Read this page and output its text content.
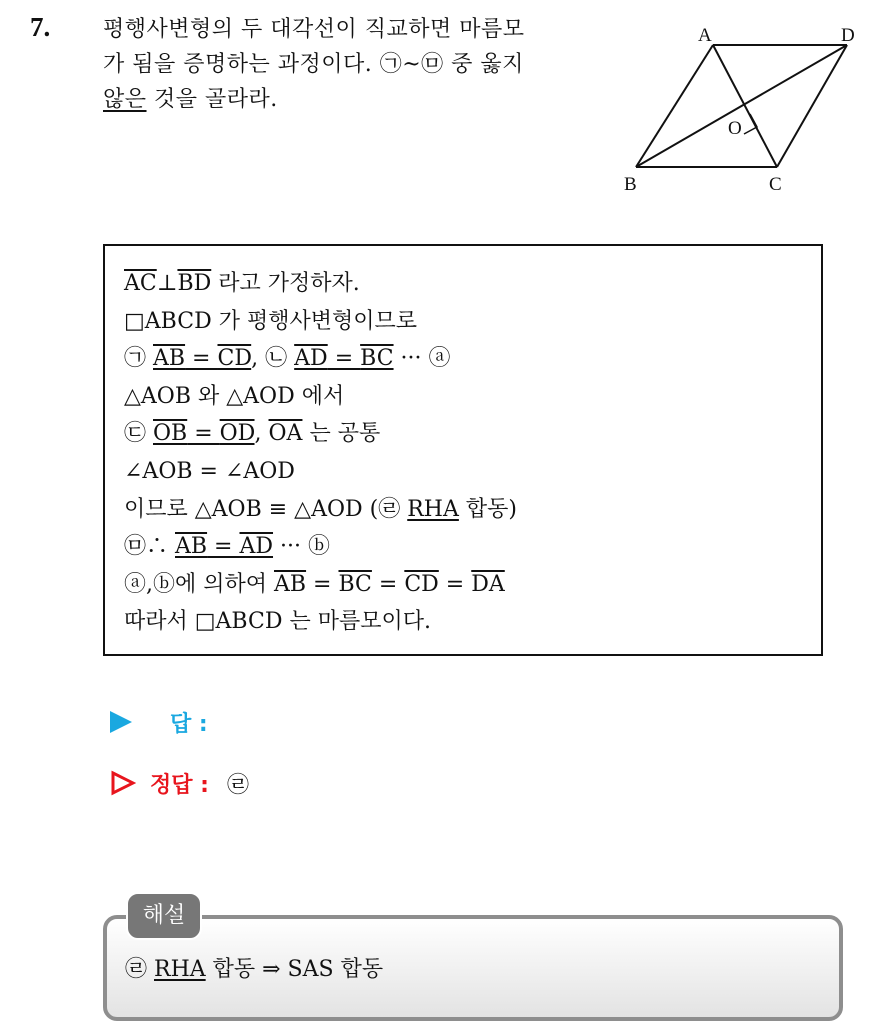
7. 평행사변형의 두 대각선이 직교하면 마름모
가 됨을 증명하는 과정이다. ㉠~㉤ 중 옳지
않은 것을 골라라.
A	D
B	C
O
$\overline{AC}\perp\overline{BD}$ 라고 가정하자.
□ABCD 가 평행사변형이므로
㉠ AB = CD, ㉡ AD = BC ··· ⓐ
△AOB 와 △AOD 에서
㉢ OB = OD, $\overline{OA}$ 는 공통
∠AOB = ∠AOD
이므로 △AOB ≡ △AOD (㉣ RHA 합동)
㉤∴ AB = AD ··· ⓑ
ⓐ,ⓑ에 의하여 $\overline{AB} = \overline{BC} = \overline{CD} = \overline{DA}$
따라서 □ABCD 는 마름모이다.
답 :
정답 : ㉣
해설
㉣ RHA 합동 ⇒ SAS 합동
